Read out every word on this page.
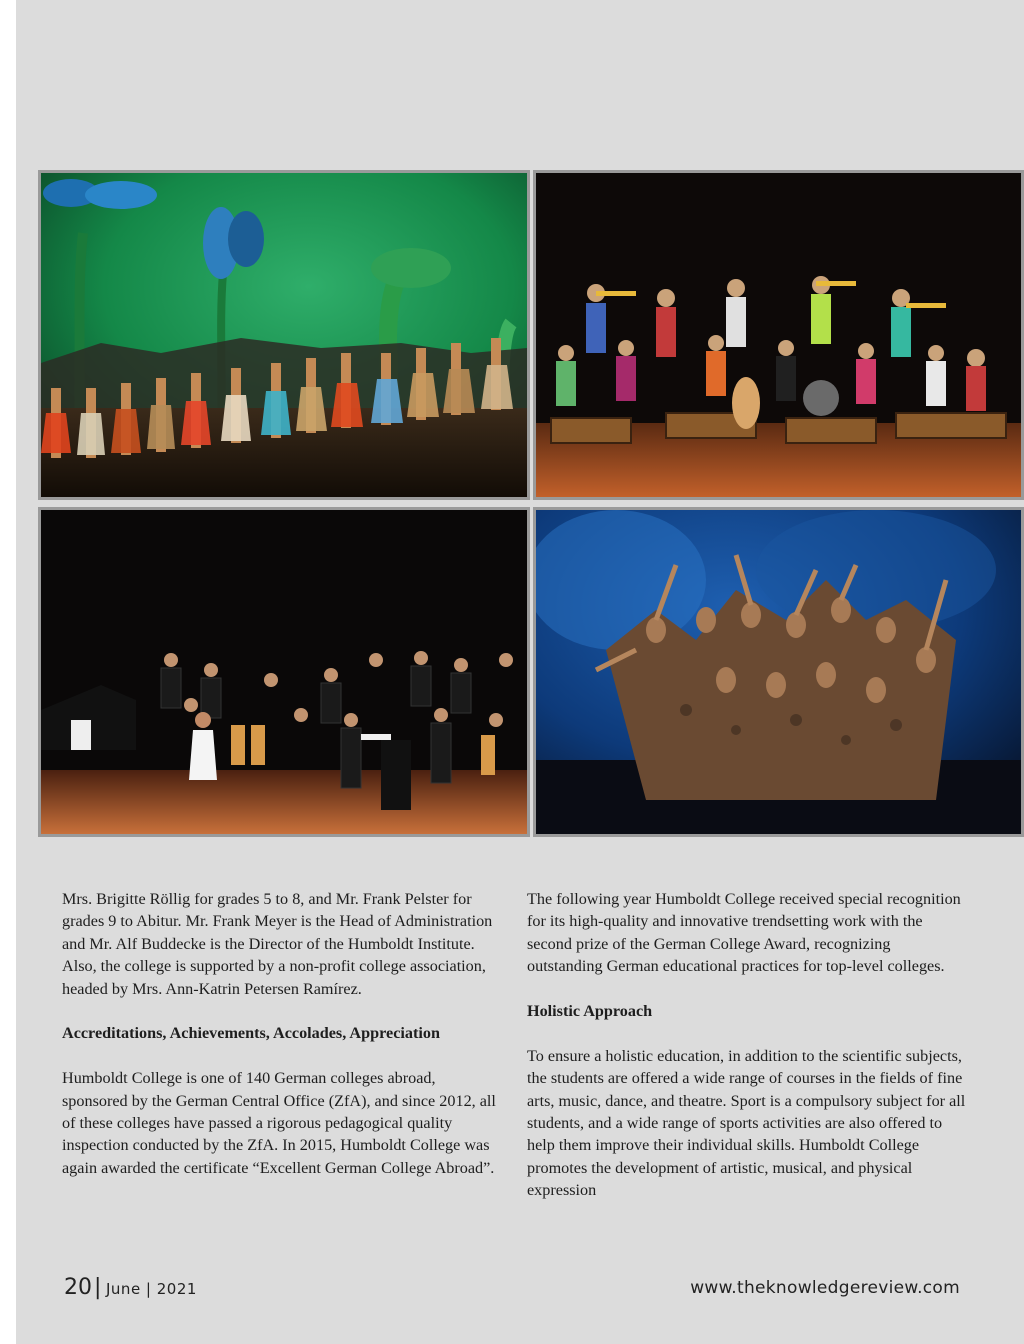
Mrs. Brigitte Röllig for grades 5 to 8, and Mr. Frank Pelster for grades 9 to Abitur. Mr. Frank Meyer is the Head of Administration and Mr. Alf Buddecke is the Director of the Humboldt Institute. Also, the college is supported by a non-profit college association, headed by Mrs. Ann-Katrin Petersen Ramírez.

Accreditations, Achievements, Accolades, Appreciation

Humboldt College is one of 140 German colleges abroad, sponsored by the German Central Office (ZfA), and since 2012, all of these colleges have passed a rigorous pedagogical quality inspection conducted by the ZfA. In 2015, Humboldt College was again awarded the certificate “Excellent German College Abroad”.

The following year Humboldt College received special recognition for its high-quality and innovative trendsetting work with the second prize of the German College Award, recognizing outstanding German educational practices for top-level colleges.

Holistic Approach

To ensure a holistic education, in addition to the scientific subjects, the students are offered a wide range of courses in the fields of fine arts, music, dance, and theatre. Sport is a compulsory subject for all students, and a wide range of sports activities are also offered to help them improve their individual skills. Humboldt College promotes the development of artistic, musical, and physical expression

20 | June | 2021	www.theknowledgereview.com
